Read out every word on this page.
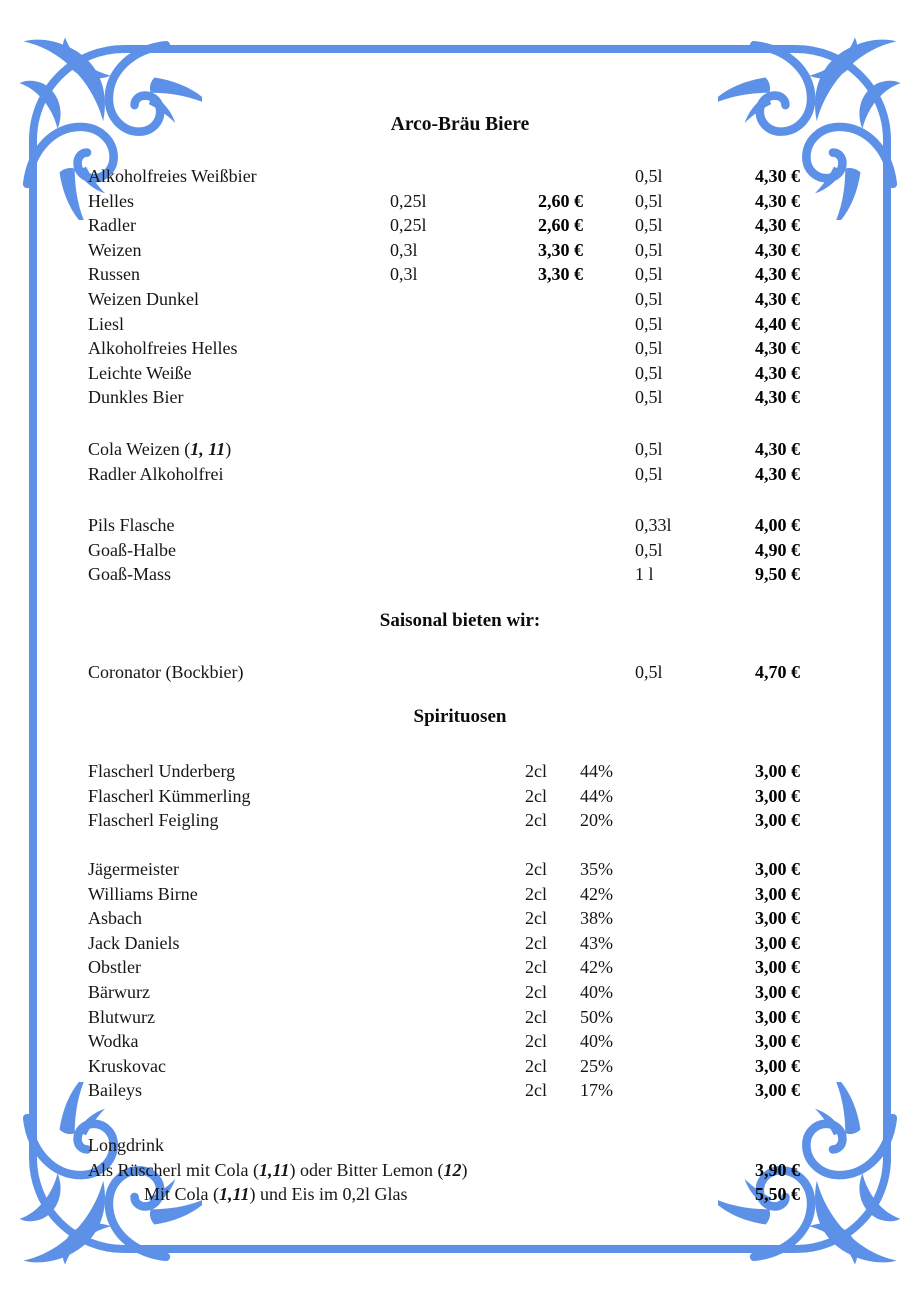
Arco-Bräu Biere
Saisonal bieten wir:
Spirituosen
Alkoholfreies Weißbier	0,5l	4,30 €
Helles	0,25l	2,60 €	0,5l	4,30 €
Radler	0,25l	2,60 €	0,5l	4,30 €
Weizen	0,3l	3,30 €	0,5l	4,30 €
Russen	0,3l	3,30 €	0,5l	4,30 €
Weizen Dunkel	0,5l	4,30 €
Liesl	0,5l	4,40 €
Alkoholfreies Helles	0,5l	4,30 €
Leichte Weiße	0,5l	4,30 €
Dunkles Bier	0,5l	4,30 €
Cola Weizen (1, 11)	0,5l	4,30 €
Radler Alkoholfrei	0,5l	4,30 €
Pils Flasche	0,33l	4,00 €
Goaß-Halbe	0,5l	4,90 €
Goaß-Mass	1 l	9,50 €
Coronator (Bockbier)	0,5l	4,70 €
Flascherl Underberg	2cl 44%	3,00 €
Flascherl Kümmerling	2cl 44%	3,00 €
Flascherl Feigling	2cl 20%	3,00 €
Jägermeister	2cl 35%	3,00 €
Williams Birne	2cl 42%	3,00 €
Asbach	2cl 38%	3,00 €
Jack Daniels	2cl 43%	3,00 €
Obstler	2cl 42%	3,00 €
Bärwurz	2cl 40%	3,00 €
Blutwurz	2cl 50%	3,00 €
Wodka	2cl 40%	3,00 €
Kruskovac	2cl 25%	3,00 €
Baileys	2cl 17%	3,00 €
Longdrink
Als Rüscherl mit Cola (1,11) oder Bitter Lemon (12)	3,90 €
Mit Cola (1,11) und Eis im 0,2l Glas	5,50 €
